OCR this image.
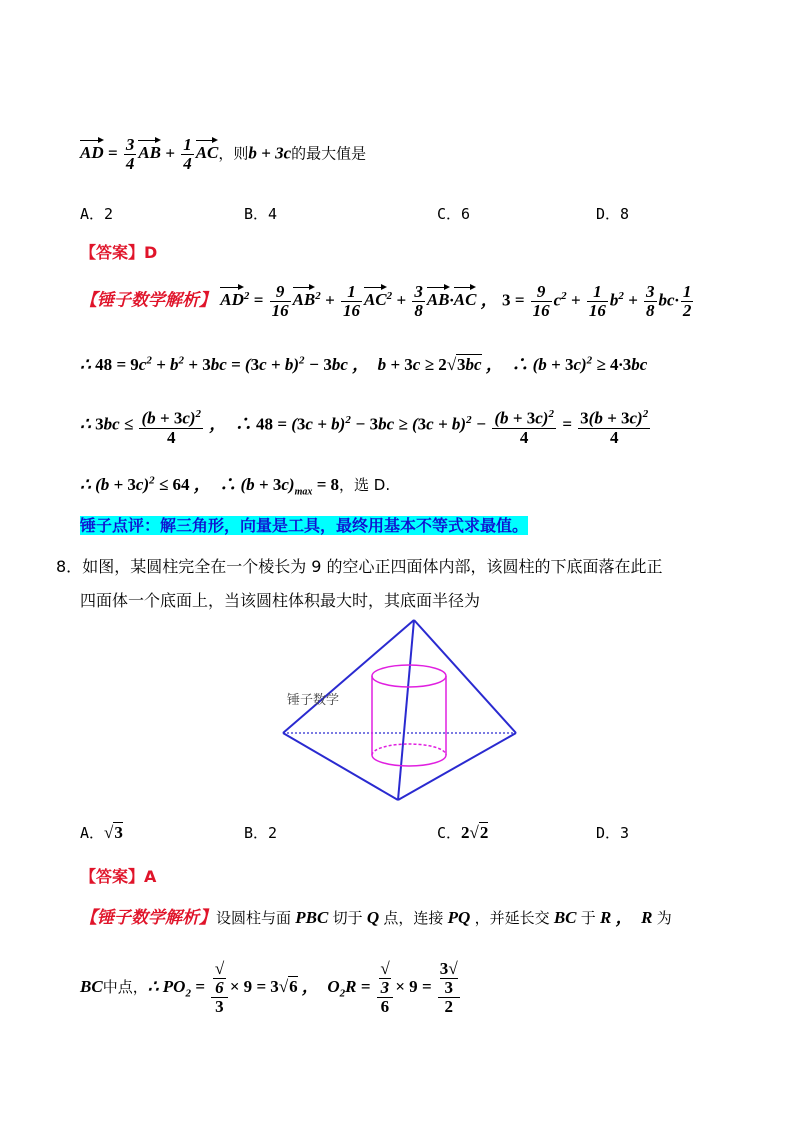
AD = $\frac{3}{4}$ AB + $\frac{1}{4}$ AC，则b + 3c的最大值是
A．2	B．4	C．6	D．8
【答案】D
【锤子数学解析】 $AD^2 = \frac{9}{16} AB^2 + \frac{1}{16} AC^2 + \frac{3}{8} AB\cdot AC$ ， $3 = \frac{9}{16} c^2 + \frac{1}{16} b^2 + \frac{3}{8} bc\cdot \frac{1}{2}$
∴ $48 = 9c^2 + b^2 + 3bc = (3c + b)^2 - 3bc$ ，  b + 3c ≥ 2√3bc ，  ∴ $(b + 3c)^2 \ge 4\cdot 3bc$
∴ $3bc \le \frac{(b + 3c)^2}{4}$ ，  ∴ $48 = (3c + b)^2 - 3bc \ge (3c + b)^2 - \frac{(b + 3c)^2}{4} = \frac{3(b + 3c)^2}{4}$
∴ $(b + 3c)^2 \le 64$ ，  ∴ $(b + 3c)_{max} = 8$，选 D.
锤子点评：解三角形，向量是工具，最终用基本不等式求最值。
8．如图，某圆柱完全在一个棱长为 9 的空心正四面体内部，该圆柱的下底面落在此正
四面体一个底面上，当该圆柱体积最大时，其底面半径为
锤子数学
A．√3	B．2	C．2√2	D．3
【答案】A
【锤子数学解析】设圆柱与面 PBC 切于 Q 点，连接 PQ ，并延长交 BC 于 R ，  R 为
BC中点，∴ $PO_2$ = √
6
3 × 9 = 3√6 ，  $O_2R$ = √
3
6 × 9 = 3√
3
2
